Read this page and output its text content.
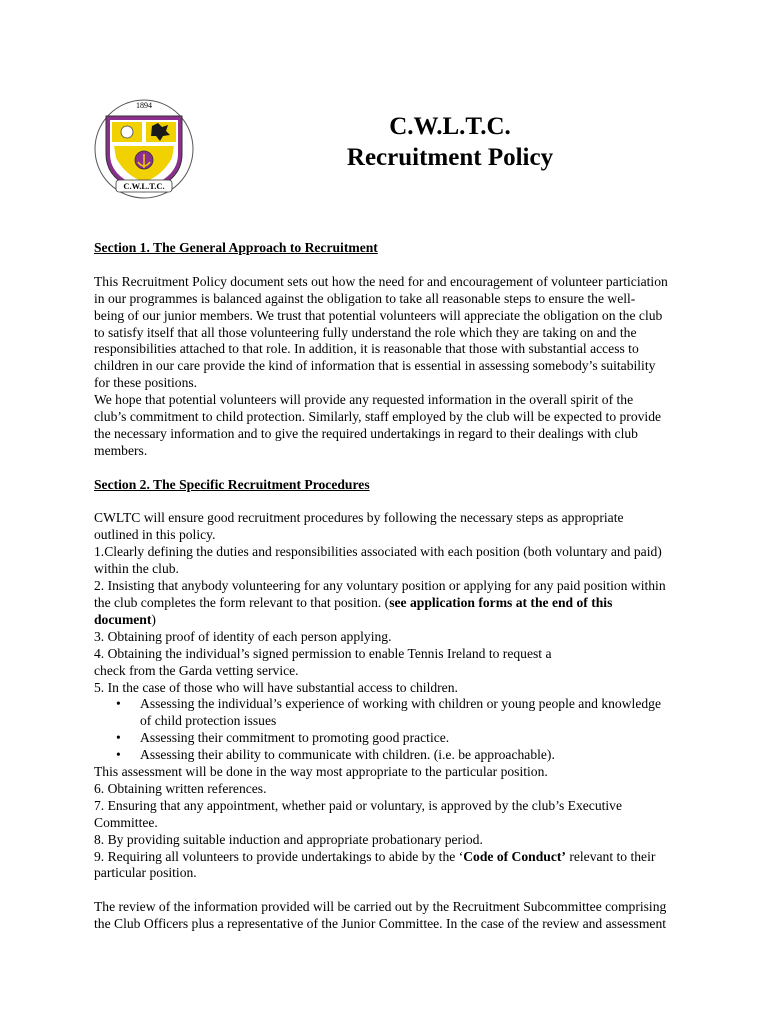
1894
C.W.L.T.C.
C.W.L.T.C.
Recruitment Policy

Section 1. The General Approach to Recruitment

This Recruitment Policy document sets out how the need for and encouragement of volunteer particiation

in our programmes is balanced against the obligation to take all reasonable steps to ensure the well-

being of our junior members. We trust that potential volunteers will appreciate the obligation on the club

to satisfy itself that all those volunteering fully understand the role which they are taking on and the

responsibilities attached to that role. In addition, it is reasonable that those with substantial access to

children in our care provide the kind of information that is essential in assessing somebody’s suitability

for these positions.

We hope that potential volunteers will provide any requested information in the overall spirit of the

club’s commitment to child protection. Similarly, staff employed by the club will be expected to provide

the necessary information and to give the required undertakings in regard to their dealings with club

members.

Section 2. The Specific Recruitment Procedures

CWLTC will ensure good recruitment procedures by following the necessary steps as appropriate

outlined in this policy.

1.Clearly defining the duties and responsibilities associated with each position (both voluntary and paid)

within the club.

2. Insisting that anybody volunteering for any voluntary position or applying for any paid position within

the club completes the form relevant to that position. (see application forms at the end of this

document)

3. Obtaining proof of identity of each person applying.

4. Obtaining the individual’s signed permission to enable Tennis Ireland to request a

check from the Garda vetting service.

5. In the case of those who will have substantial access to children.

• Assessing the individual’s experience of working with children or young people and knowledge
of child protection issues
• Assessing their commitment to promoting good practice.
• Assessing their ability to communicate with children. (i.e. be approachable).

This assessment will be done in the way most appropriate to the particular position.

6. Obtaining written references.

7. Ensuring that any appointment, whether paid or voluntary, is approved by the club’s Executive

Committee.

8. By providing suitable induction and appropriate probationary period.

9. Requiring all volunteers to provide undertakings to abide by the ‘Code of Conduct’ relevant to their

particular position.

The review of the information provided will be carried out by the Recruitment Subcommittee comprising

the Club Officers plus a representative of the Junior Committee. In the case of the review and assessment
